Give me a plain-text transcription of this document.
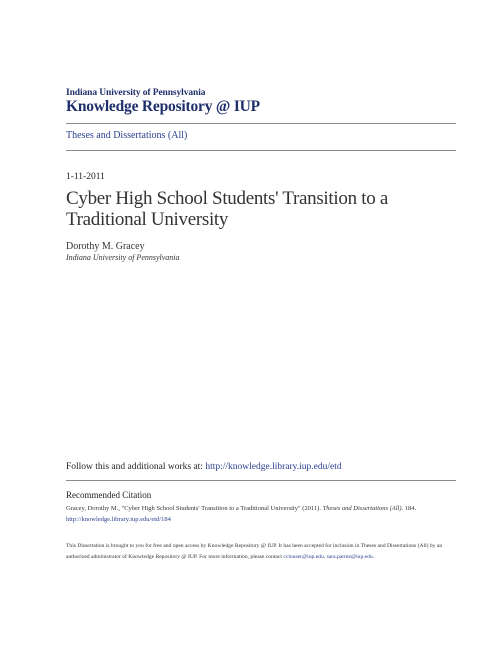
Indiana University of Pennsylvania
Knowledge Repository @ IUP
Theses and Dissertations (All)
1-11-2011
Cyber High School Students' Transition to a Traditional University
Dorothy M. Gracey
Indiana University of Pennsylvania
Follow this and additional works at: http://knowledge.library.iup.edu/etd
Recommended Citation
Gracey, Dorothy M., "Cyber High School Students' Transition to a Traditional University" (2011). Theses and Dissertations (All). 184.
http://knowledge.library.iup.edu/etd/184
This Dissertation is brought to you for free and open access by Knowledge Repository @ IUP. It has been accepted for inclusion in Theses and Dissertations (All) by an authorized administrator of Knowledge Repository @ IUP. For more information, please contact cclouser@iup.edu, sara.parme@iup.edu.
